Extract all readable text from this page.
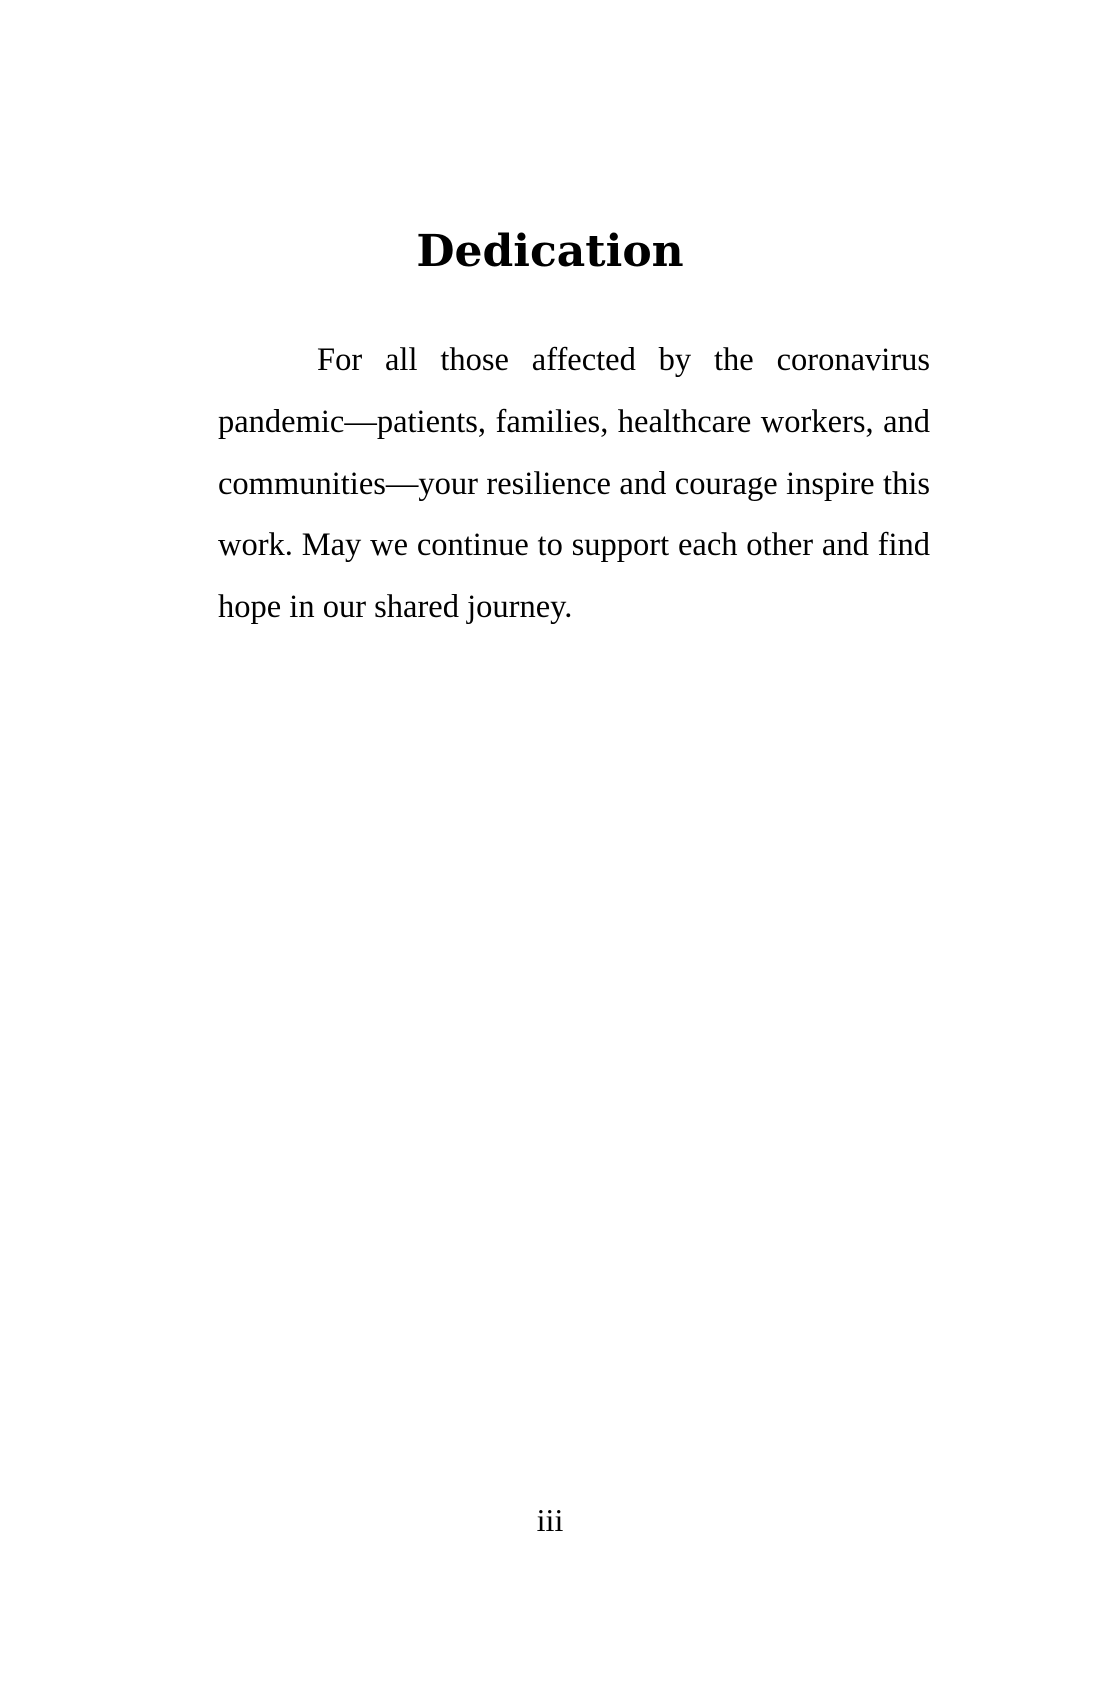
Dedication

For all those affected by the coronavirus pandemic—patients, families, healthcare workers, and communities—your resilience and courage inspire this work. May we continue to support each other and find hope in our shared journey.

iii
